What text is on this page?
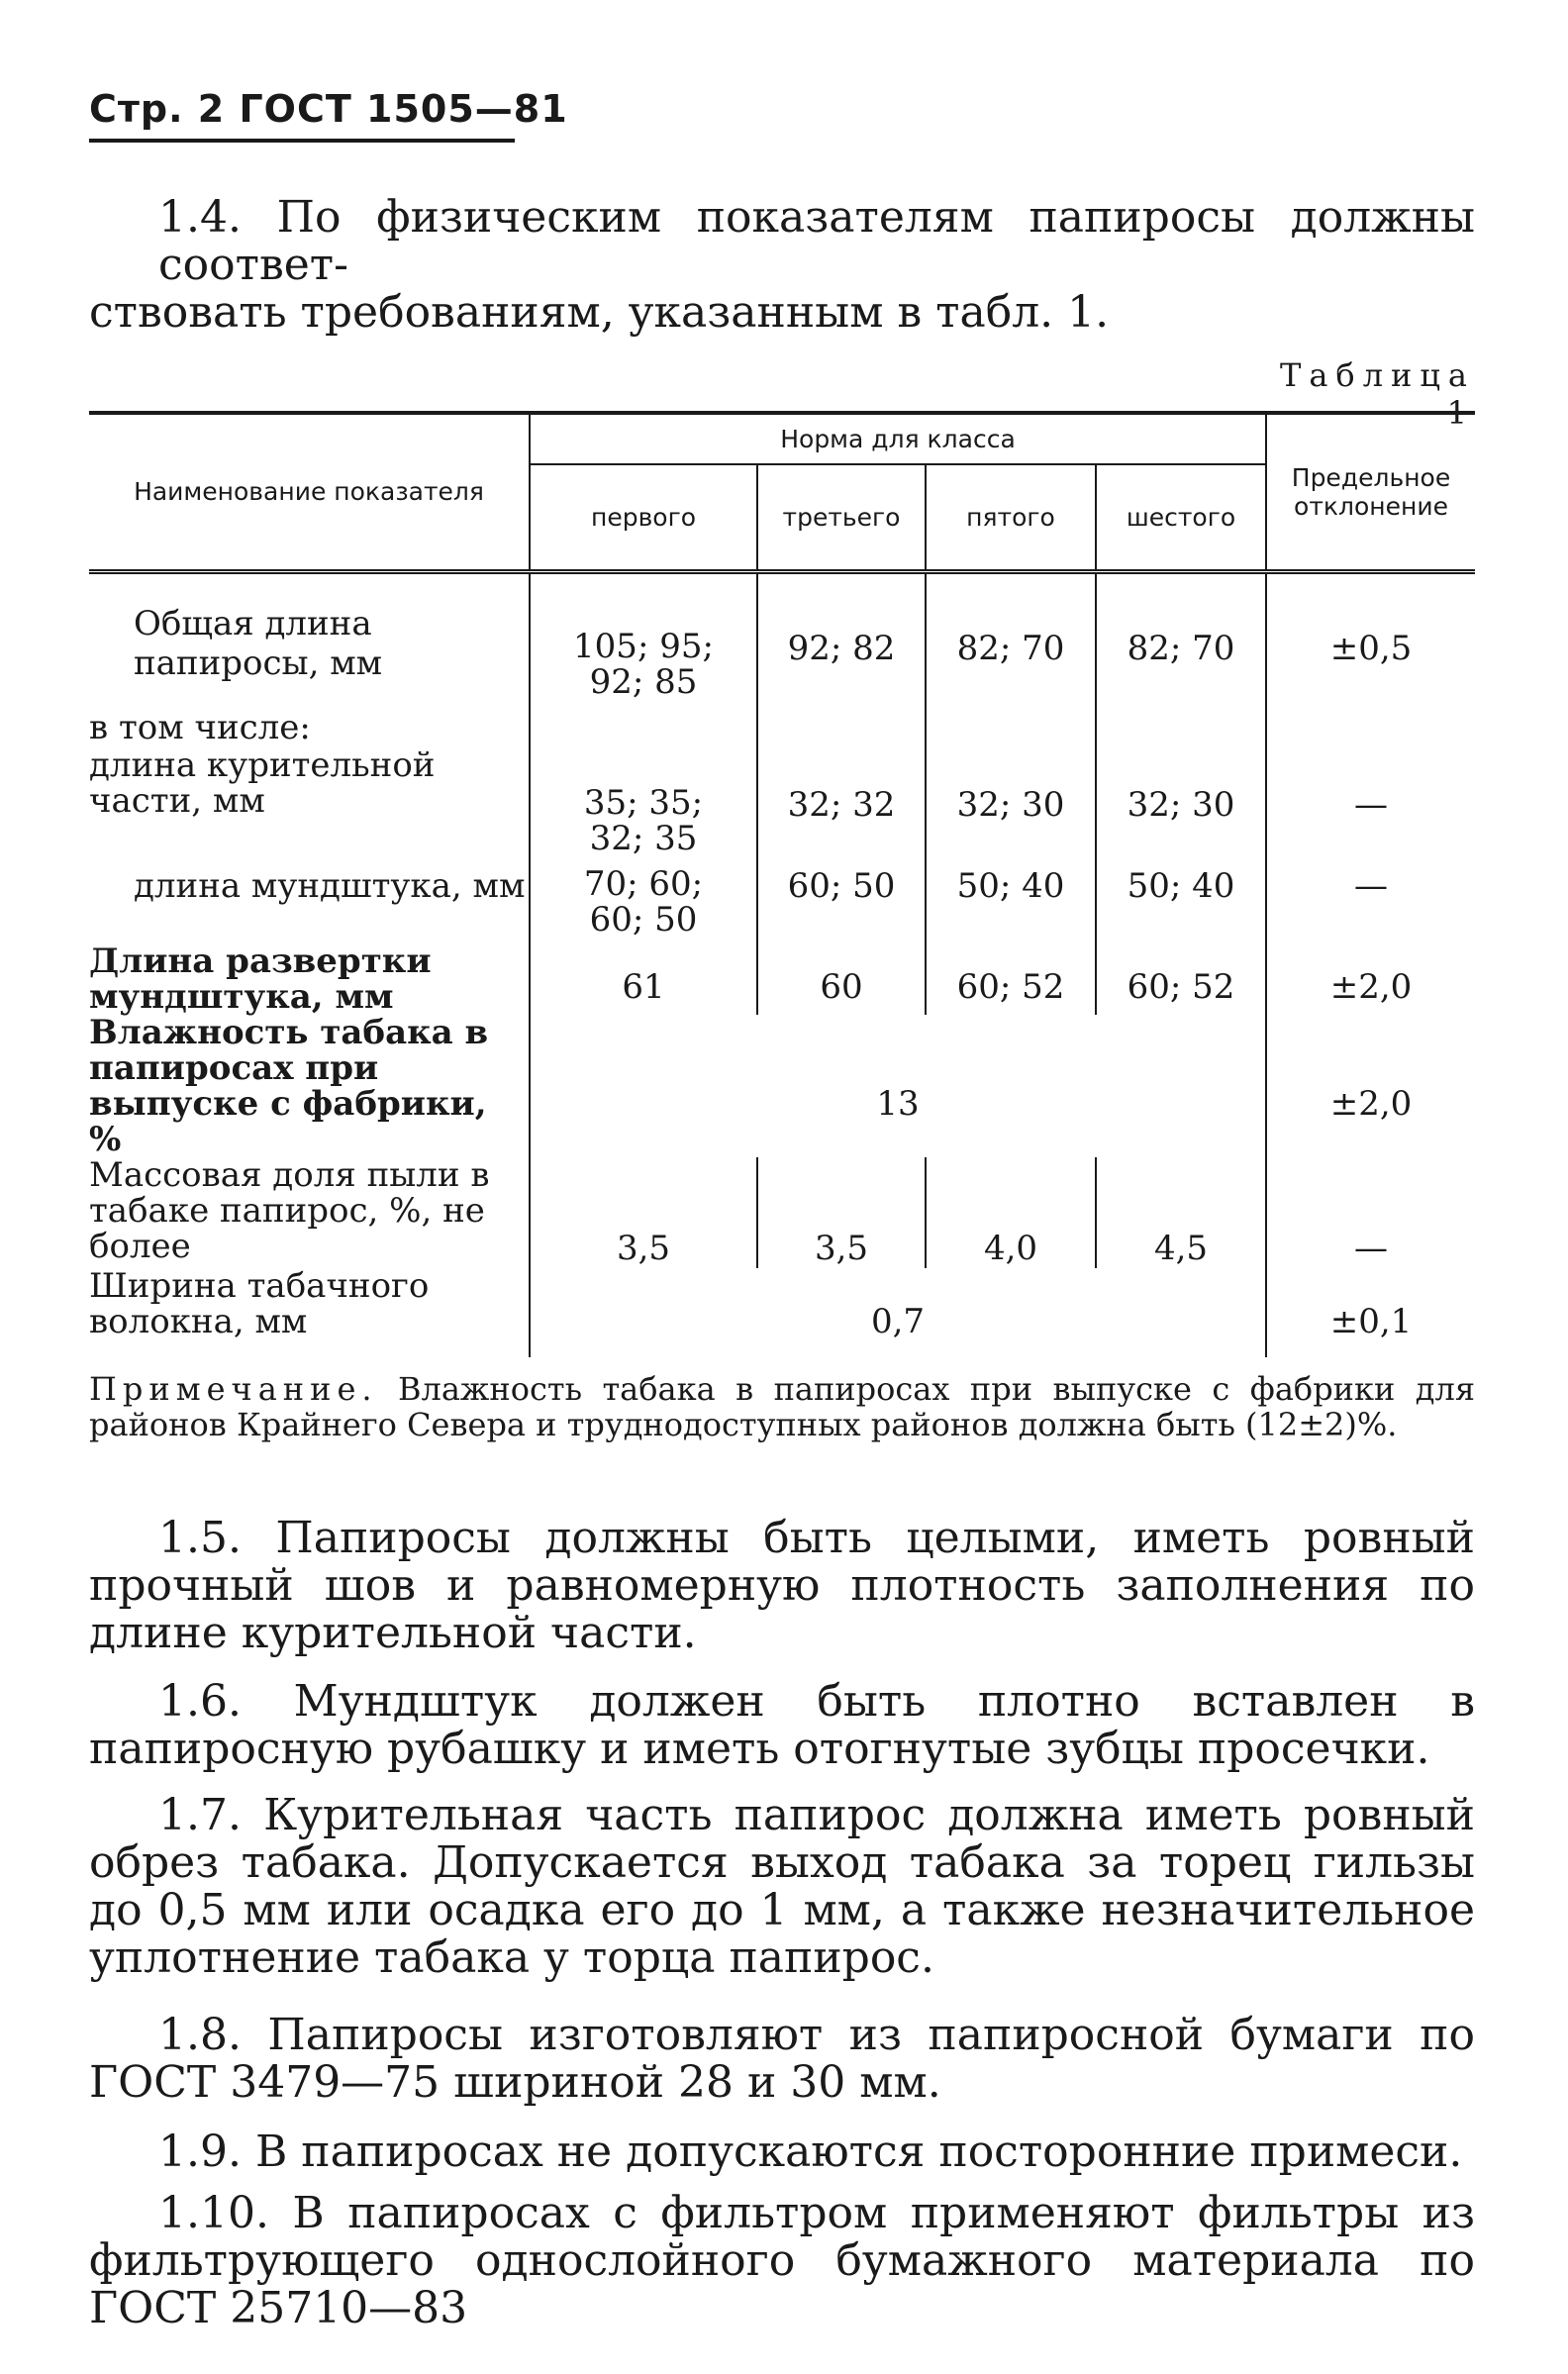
Стр. 2 ГОСТ 1505—81
1.4. По физическим показателям папиросы должны соответ-
ствовать требованиям, указанным в табл. 1.
Таблица 1
Наименование показателя	Норма для класса				Предельное отклонение
	первого	третьего	пятого	шестого	
Общая длина папиросы, мм	105; 95; 92; 85	92; 82	82; 70	82; 70	±0,5
в том числе:					
длина курительной части, мм	35; 35; 32; 35	32; 32	32; 30	32; 30	—
длина мундштука, мм	70; 60; 60; 50	60; 50	50; 40	50; 40	—
Длина развертки мундштука, мм	61	60	60; 52	60; 52	±2,0
Влажность табака в папиросах при выпуске с фабрики, %	13				±2,0
Массовая доля пыли в табаке папирос, %, не более	3,5	3,5	4,0	4,5	—
Ширина табачного волокна, мм	0,7				±0,1
Примечание. Влажность табака в папиросах при выпуске с фабрики для районов Крайнего Севера и труднодоступных районов должна быть (12±2)%.
1.5. Папиросы должны быть целыми, иметь ровный прочный шов и равномерную плотность заполнения по длине курительной части.
1.6. Мундштук должен быть плотно вставлен в папиросную рубашку и иметь отогнутые зубцы просечки.
1.7. Курительная часть папирос должна иметь ровный обрез табака. Допускается выход табака за торец гильзы до 0,5 мм или осадка его до 1 мм, а также незначительное уплотнение табака у торца папирос.
1.8. Папиросы изготовляют из папиросной бумаги по ГОСТ 3479—75 шириной 28 и 30 мм.
1.9. В папиросах не допускаются посторонние примеси.
1.10. В папиросах с фильтром применяют фильтры из фильтрующего однослойного бумажного материала по ГОСТ 25710—83
